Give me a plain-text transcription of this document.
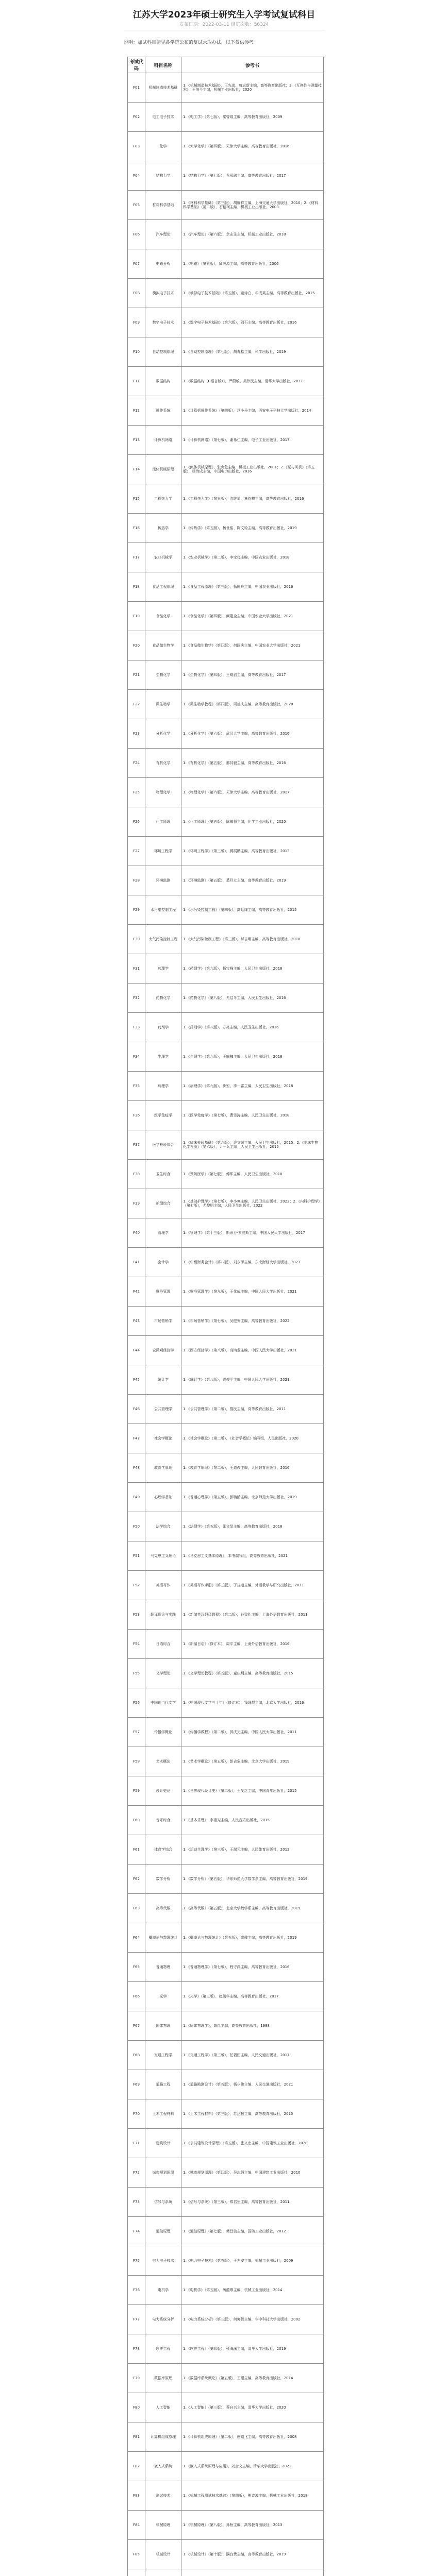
江苏大学2023年硕士研究生入学考试复试科目
发布日期：2022-03-11 浏览次数：56324
说明：加试科目请见各学院公布的复试录取办法，以下仅供参考
考试代码	科目名称	参考书
F01	机械制造技术基础	1.《机械制造技术基础》，王先逵、曾志新主编，高等教育出版社；2.《互换性与测量技术》，王伯平主编，机械工业出版社，2020
F02	电工电子技术	1.《电工学》（第七版），秦曾煌主编，高等教育出版社，2009
F03	化学	1.《大学化学》（第四版），天津大学主编，高等教育出版社，2016
F04	结构力学	1.《结构力学》（第七版），龙驭球主编，高等教育出版社，2017
F05	材料科学基础	1.《材料科学基础》（第三版），胡赓祥主编，上海交通大学出版社，2010；2.《材料科学基础》（第二版），石德珂主编，机械工业出版社，2003
F06	汽车理论	1.《汽车理论》（第六版），余志生主编，机械工业出版社，2018
F07	电路分析	1.《电路》（第五版），邱关源主编，高等教育出版社，2006
F08	模拟电子技术	1.《模拟电子技术基础》（第五版），童诗白、华成英主编，高等教育出版社，2015
F09	数字电子技术	1.《数字电子技术基础》（第六版），阎石主编，高等教育出版社，2016
F10	自动控制原理	1.《自动控制原理》（第七版），胡寿松主编，科学出版社，2019
F11	数据结构	1.《数据结构（C语言版）》，严蔚敏、吴伟民主编，清华大学出版社，2017
F12	操作系统	1.《计算机操作系统》（第四版），汤小丹主编，西安电子科技大学出版社，2014
F13	计算机网络	1.《计算机网络》（第七版），谢希仁主编，电子工业出版社，2017
F14	流体机械原理	1.《流体机械原理》，张克危主编，机械工业出版社，2001；2.《泵与风机》（第五版），杨诗成主编，中国电力出版社，2016
F15	工程热力学	1.《工程热力学》（第五版），沈维道、童钧耕主编，高等教育出版社，2016
F16	传热学	1.《传热学》（第五版），杨世铭、陶文铨主编，高等教育出版社，2019
F17	农业机械学	1.《农业机械学》（第二版），李宝筏主编，中国农业出版社，2018
F18	食品工程原理	1.《食品工程原理》（第三版），杨同舟主编，中国农业出版社，2016
F19	食品化学	1.《食品化学》（第四版），阚建全主编，中国农业大学出版社，2021
F20	食品微生物学	1.《食品微生物学》（第四版），何国庆主编，中国农业大学出版社，2021
F21	生物化学	1.《生物化学》（第四版），王镜岩主编，高等教育出版社，2017
F22	微生物学	1.《微生物学教程》（第四版），周德庆主编，高等教育出版社，2020
F23	分析化学	1.《分析化学》（第六版），武汉大学主编，高等教育出版社，2016
F24	有机化学	1.《有机化学》（第五版），邢其毅主编，高等教育出版社，2016
F25	物理化学	1.《物理化学》（第六版），天津大学主编，高等教育出版社，2017
F26	化工原理	1.《化工原理》（第五版），陈敏恒主编，化学工业出版社，2020
F27	环境工程学	1.《环境工程学》（第三版），蒋展鹏主编，高等教育出版社，2013
F28	环境监测	1.《环境监测》（第五版），奚旦立主编，高等教育出版社，2019
F29	水污染控制工程	1.《水污染控制工程》（第四版），高廷耀主编，高等教育出版社，2015
F30	大气污染控制工程	1.《大气污染控制工程》（第三版），郝吉明主编，高等教育出版社，2010
F31	药理学	1.《药理学》（第九版），杨宝峰主编，人民卫生出版社，2018
F32	药物化学	1.《药物化学》（第八版），尤启冬主编，人民卫生出版社，2016
F33	药剂学	1.《药剂学》（第八版），方亮主编，人民卫生出版社，2016
F34	生理学	1.《生理学》（第九版），王庭槐主编，人民卫生出版社，2018
F35	病理学	1.《病理学》（第九版），步宏、李一雷主编，人民卫生出版社，2018
F36	医学免疫学	1.《医学免疫学》（第七版），曹雪涛主编，人民卫生出版社，2018
F37	医学检验综合	1.《临床检验基础》（第六版），许文荣主编，人民卫生出版社，2015；2.《临床生物化学检验》（第六版），尹一兵主编，人民卫生出版社，2015
F38	卫生综合	1.《预防医学》（第七版），傅华主编，人民卫生出版社，2018
F39	护理综合	1.《基础护理学》（第七版），李小寒主编，人民卫生出版社，2022；2.《内科护理学》（第七版），尤黎明主编，人民卫生出版社，2022
F40	管理学	1.《管理学》（第十三版），斯蒂芬·罗宾斯主编，中国人民大学出版社，2017
F41	会计学	1.《中级财务会计》（第八版），刘永泽主编，东北财经大学出版社，2021
F42	财务管理	1.《财务管理学》（第九版），王化成主编，中国人民大学出版社，2021
F43	市场营销学	1.《市场营销学》（第七版），吴健安主编，高等教育出版社，2022
F44	宏微观经济学	1.《西方经济学》（第八版），高鸿业主编，中国人民大学出版社，2021
F45	统计学	1.《统计学》（第八版），贾俊平主编，中国人民大学出版社，2021
F46	公共管理学	1.《公共管理学》（第二版），黎民主编，高等教育出版社，2011
F47	社会学概论	1.《社会学概论》（第二版），《社会学概论》编写组，人民出版社，2020
F48	教育学原理	1.《教育学原理》（第二版），王道俊主编，人民教育出版社，2016
F49	心理学基础	1.《普通心理学》（第五版），彭聃龄主编，北京师范大学出版社，2019
F50	法学综合	1.《法理学》（第五版），张文显主编，高等教育出版社，2018
F51	马克思主义理论	1.《马克思主义基本原理》，本书编写组，高等教育出版社，2021
F52	英语写作	1.《英语写作手册》（第三版），丁往道主编，外语教学与研究出版社，2011
F53	翻译理论与实践	1.《新编英汉翻译教程》（第二版），孙致礼主编，上海外语教育出版社，2011
F54	日语综合	1.《新编日语》（修订本），周平主编，上海外语教育出版社，2016
F55	文学理论	1.《文学理论教程》（第五版），童庆炳主编，高等教育出版社，2015
F56	中国现当代文学	1.《中国现代文学三十年》（修订本），钱理群主编，北京大学出版社，2016
F57	传播学概论	1.《传播学教程》（第二版），郭庆光主编，中国人民大学出版社，2011
F58	艺术概论	1.《艺术学概论》（第五版），彭吉象主编，北京大学出版社，2019
F59	设计史论	1.《世界现代设计史》（第二版），王受之主编，中国青年出版社，2015
F60	音乐综合	1.《基本乐理》，李重光主编，人民音乐出版社，2015
F61	体育学综合	1.《运动生理学》（第三版），王瑞元主编，人民体育出版社，2012
F62	数学分析	1.《数学分析》（第五版），华东师范大学数学系主编，高等教育出版社，2019
F63	高等代数	1.《高等代数》（第五版），北京大学数学系主编，高等教育出版社，2019
F64	概率论与数理统计	1.《概率论与数理统计》（第五版），盛骤主编，高等教育出版社，2019
F65	普通物理	1.《普通物理学》（第七版），程守洙主编，高等教育出版社，2016
F66	光学	1.《光学》（第三版），赵凯华主编，高等教育出版社，2017
F67	固体物理	1.《固体物理学》，黄昆主编，高等教育出版社，1988
F68	交通工程学	1.《交通工程学》（第三版），任福田主编，人民交通出版社，2017
F69	道路工程	1.《道路勘测设计》（第五版），杨少伟主编，人民交通出版社，2021
F70	土木工程材料	1.《土木工程材料》（第三版），苏达根主编，高等教育出版社，2015
F71	建筑设计	1.《公共建筑设计原理》（第五版），张文忠主编，中国建筑工业出版社，2020
F72	城市规划原理	1.《城市规划原理》（第四版），吴志强主编，中国建筑工业出版社，2010
F73	信号与系统	1.《信号与系统》（第三版），郑君里主编，高等教育出版社，2011
F74	通信原理	1.《通信原理》（第七版），樊昌信主编，国防工业出版社，2012
F75	电力电子技术	1.《电力电子技术》（第五版），王兆安主编，机械工业出版社，2009
F76	电机学	1.《电机学》（第五版），汤蕴璆主编，机械工业出版社，2014
F77	电力系统分析	1.《电力系统分析》（第三版），何仰赞主编，华中科技大学出版社，2002
F78	软件工程	1.《软件工程》（第四版），张海藩主编，清华大学出版社，2019
F79	数据库原理	1.《数据库系统概论》（第五版），王珊主编，高等教育出版社，2014
F80	人工智能	1.《人工智能》（第三版），蔡自兴主编，清华大学出版社，2020
F81	计算机组成原理	1.《计算机组成原理》（第二版），唐朔飞主编，高等教育出版社，2008
F82	嵌入式系统	1.《嵌入式系统原理与应用》，刘彦文主编，清华大学出版社，2021
F83	测试技术	1.《机械工程测试技术基础》（第四版），熊诗波主编，机械工业出版社，2018
F84	机械原理	1.《机械原理》（第八版），孙桓主编，高等教育出版社，2013
F85	机械设计	1.《机械设计》（第十版），濮良贵主编，高等教育出版社，2019
